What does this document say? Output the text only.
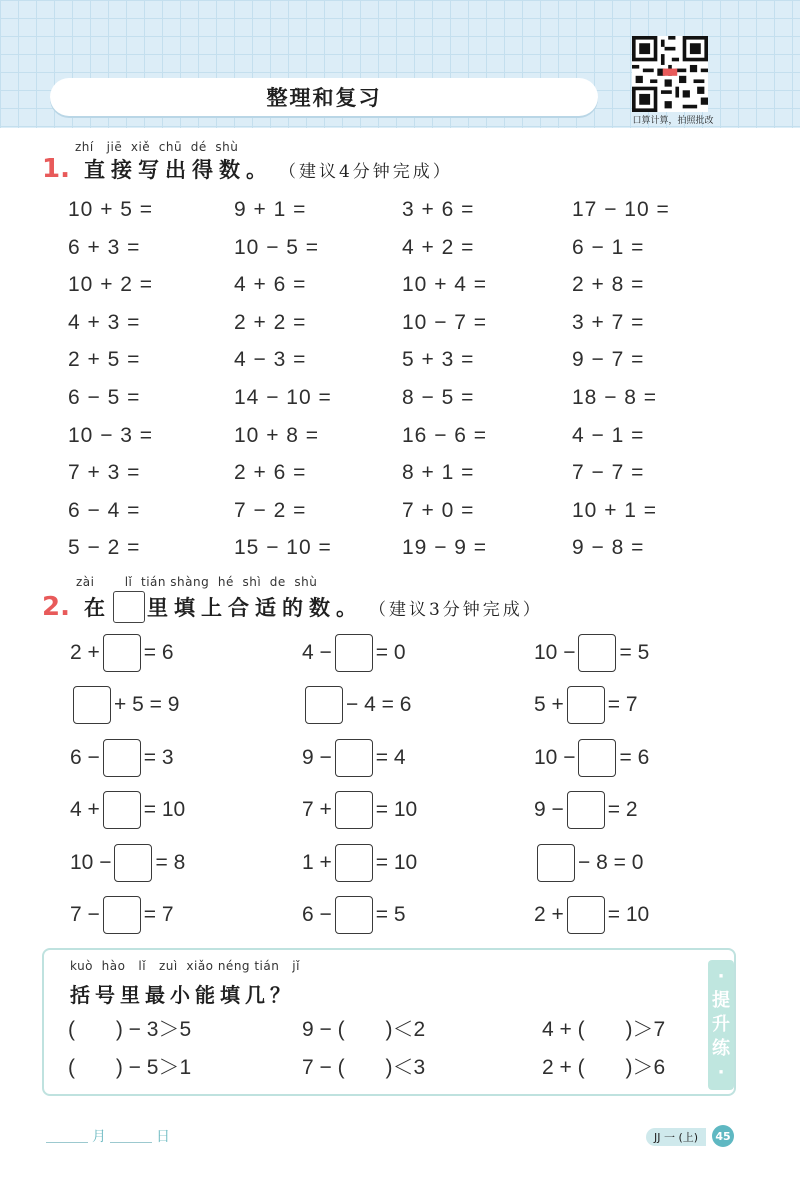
整理和复习
口算计算，拍照批改
zhí   jiē  xiě  chū  dé  shù
1. 直接写出得数。 （建议4分钟完成）
10 + 5 =	9 + 1 =	3 + 6 =	17 − 10 =
6 + 3 =	10 − 5 =	4 + 2 =	6 − 1 =
10 + 2 =	4 + 6 =	10 + 4 =	2 + 8 =
4 + 3 =	2 + 2 =	10 − 7 =	3 + 7 =
2 + 5 =	4 − 3 =	5 + 3 =	9 − 7 =
6 − 5 =	14 − 10 =	8 − 5 =	18 − 8 =
10 − 3 =	10 + 8 =	16 − 6 =	4 − 1 =
7 + 3 =	2 + 6 =	8 + 1 =	7 − 7 =
6 − 4 =	7 − 2 =	7 + 0 =	10 + 1 =
5 − 2 =	15 − 10 =	19 − 9 =	9 − 8 =
zài       lǐ  tián shàng  hé  shì  de  shù
2. 在 里填上合适的数。 （建议3分钟完成）
2 + = 6	4 − = 0	10 − = 5
+ 5 = 9	− 4 = 6	5 + = 7
6 − = 3	9 − = 4	10 − = 6
4 + = 10	7 + = 10	9 − = 2
10 − = 8	1 + = 10	− 8 = 0
7 − = 7	6 − = 5	2 + = 10
·
提
升
练
·
kuò  hào   lǐ   zuì  xiǎo néng tián   jǐ
括号里最小能填几？
(       ) − 3＞5	9 − (       )＜2	4 + (       )＞7
(       ) − 5＞1	7 − (       )＜3	2 + (       )＞6
月	日	JJ 一 (上)	45
